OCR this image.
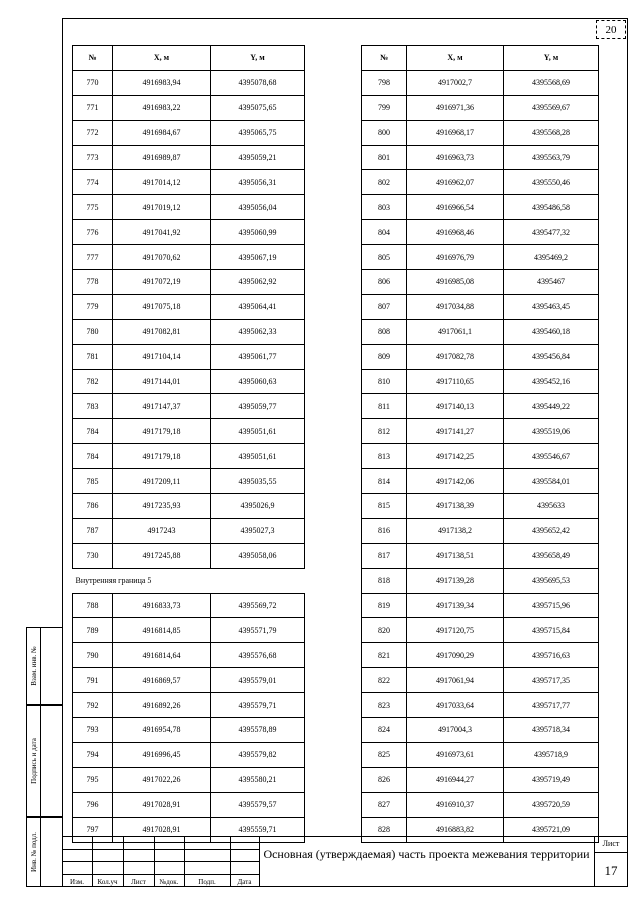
20
№	X, м	Y, м
770	4916983,94	4395078,68
771	4916983,22	4395075,65
772	4916984,67	4395065,75
773	4916989,87	4395059,21
774	4917014,12	4395056,31
775	4917019,12	4395056,04
776	4917041,92	4395060,99
777	4917070,62	4395067,19
778	4917072,19	4395062,92
779	4917075,18	4395064,41
780	4917082,81	4395062,33
781	4917104,14	4395061,77
782	4917144,01	4395060,63
783	4917147,37	4395059,77
784	4917179,18	4395051,61
784	4917179,18	4395051,61
785	4917209,11	4395035,55
786	4917235,93	4395026,9
787	4917243	4395027,3
730	4917245,88	4395058,06
Внутренняя граница 5		
788	4916833,73	4395569,72
789	4916814,85	4395571,79
790	4916814,64	4395576,68
791	4916869,57	4395579,01
792	4916892,26	4395579,71
793	4916954,78	4395578,89
794	4916996,45	4395579,82
795	4917022,26	4395580,21
796	4917028,91	4395579,57
797	4917028,91	4395559,71
№	X, м	Y, м
798	4917002,7	4395568,69
799	4916971,36	4395569,67
800	4916968,17	4395568,28
801	4916963,73	4395563,79
802	4916962,07	4395550,46
803	4916966,54	4395486,58
804	4916968,46	4395477,32
805	4916976,79	4395469,2
806	4916985,08	4395467
807	4917034,88	4395463,45
808	4917061,1	4395460,18
809	4917082,78	4395456,84
810	4917110,65	4395452,16
811	4917140,13	4395449,22
812	4917141,27	4395519,06
813	4917142,25	4395546,67
814	4917142,06	4395584,01
815	4917138,39	4395633
816	4917138,2	4395652,42
817	4917138,51	4395658,49
818	4917139,28	4395695,53
819	4917139,34	4395715,96
820	4917120,75	4395715,84
821	4917090,29	4395716,63
822	4917061,94	4395717,35
823	4917033,64	4395717,77
824	4917004,3	4395718,34
825	4916973,61	4395718,9
826	4916944,27	4395719,49
827	4916910,37	4395720,59
828	4916883,82	4395721,09
Взам. инв. №
Подпись и дата
Инв. № подл.
Изм.	Кол.уч	Лист	№док.	Подп.	Дата
Основная (утверждаемая) часть проекта межевания территории
Лист
17
